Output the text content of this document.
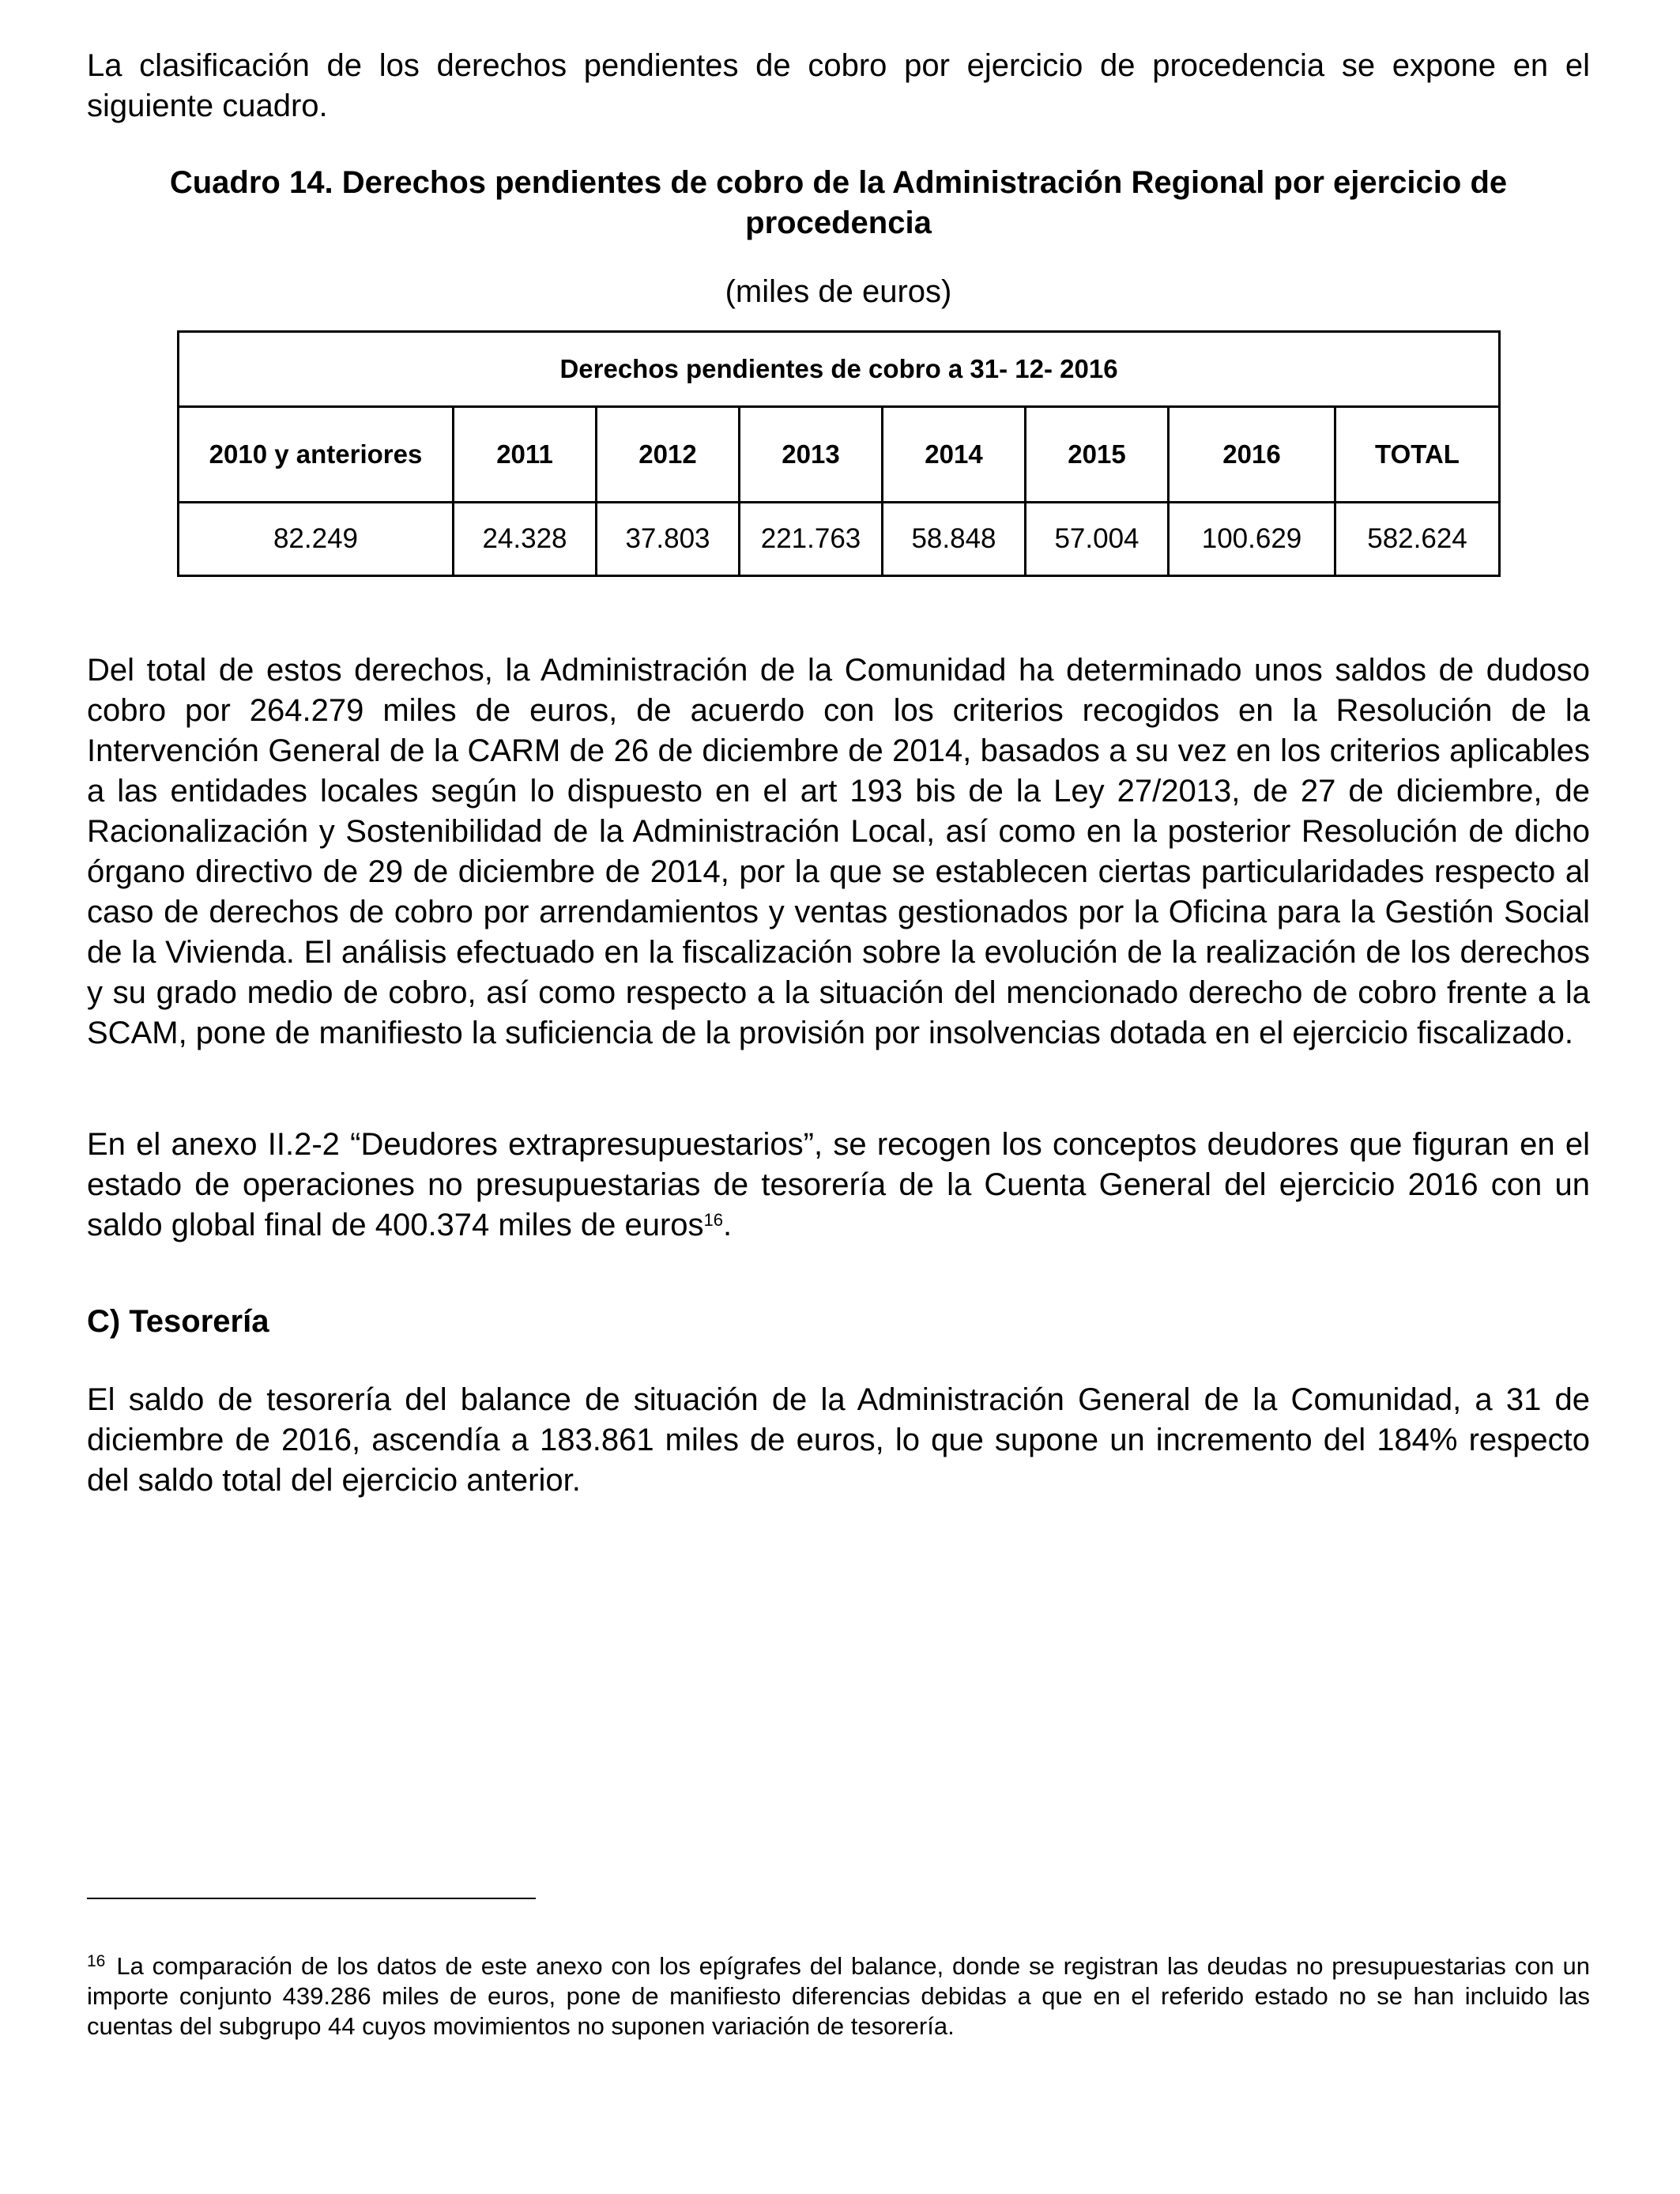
La clasificación de los derechos pendientes de cobro por ejercicio de procedencia se expone en el siguiente cuadro.

Cuadro 14. Derechos pendientes de cobro de la Administración Regional por ejercicio de procedencia
(miles de euros)
Derechos pendientes de cobro a 31- 12- 2016							
2010 y anteriores	2011	2012	2013	2014	2015	2016	TOTAL
82.249	24.328	37.803	221.763	58.848	57.004	100.629	582.624

Del total de estos derechos, la Administración de la Comunidad ha determinado unos saldos de dudoso cobro por 264.279 miles de euros, de acuerdo con los criterios recogidos en la Resolución de la Intervención General de la CARM de 26 de diciembre de 2014, basados a su vez en los criterios aplicables a las entidades locales según lo dispuesto en el art 193 bis de la Ley 27/2013, de 27 de diciembre, de Racionalización y Sostenibilidad de la Administración Local, así como en la posterior Resolución de dicho órgano directivo de 29 de diciembre de 2014, por la que se establecen ciertas particularidades respecto al caso de derechos de cobro por arrendamientos y ventas gestionados por la Oficina para la Gestión Social de la Vivienda. El análisis efectuado en la fiscalización sobre la evolución de la realización de los derechos y su grado medio de cobro, así como respecto a la situación del mencionado derecho de cobro frente a la SCAM, pone de manifiesto la suficiencia de la provisión por insolvencias dotada en el ejercicio fiscalizado.

En el anexo II.2-2 “Deudores extrapresupuestarios”, se recogen los conceptos deudores que figuran en el estado de operaciones no presupuestarias de tesorería de la Cuenta General del ejercicio 2016 con un saldo global final de 400.374 miles de euros$^{16}$.

C) Tesorería

El saldo de tesorería del balance de situación de la Administración General de la Comunidad, a 31 de diciembre de 2016, ascendía a 183.861 miles de euros, lo que supone un incremento del 184% respecto del saldo total del ejercicio anterior.

$^{16}$ La comparación de los datos de este anexo con los epígrafes del balance, donde se registran las deudas no presupuestarias con un importe conjunto 439.286 miles de euros, pone de manifiesto diferencias debidas a que en el referido estado no se han incluido las cuentas del subgrupo 44 cuyos movimientos no suponen variación de tesorería.
